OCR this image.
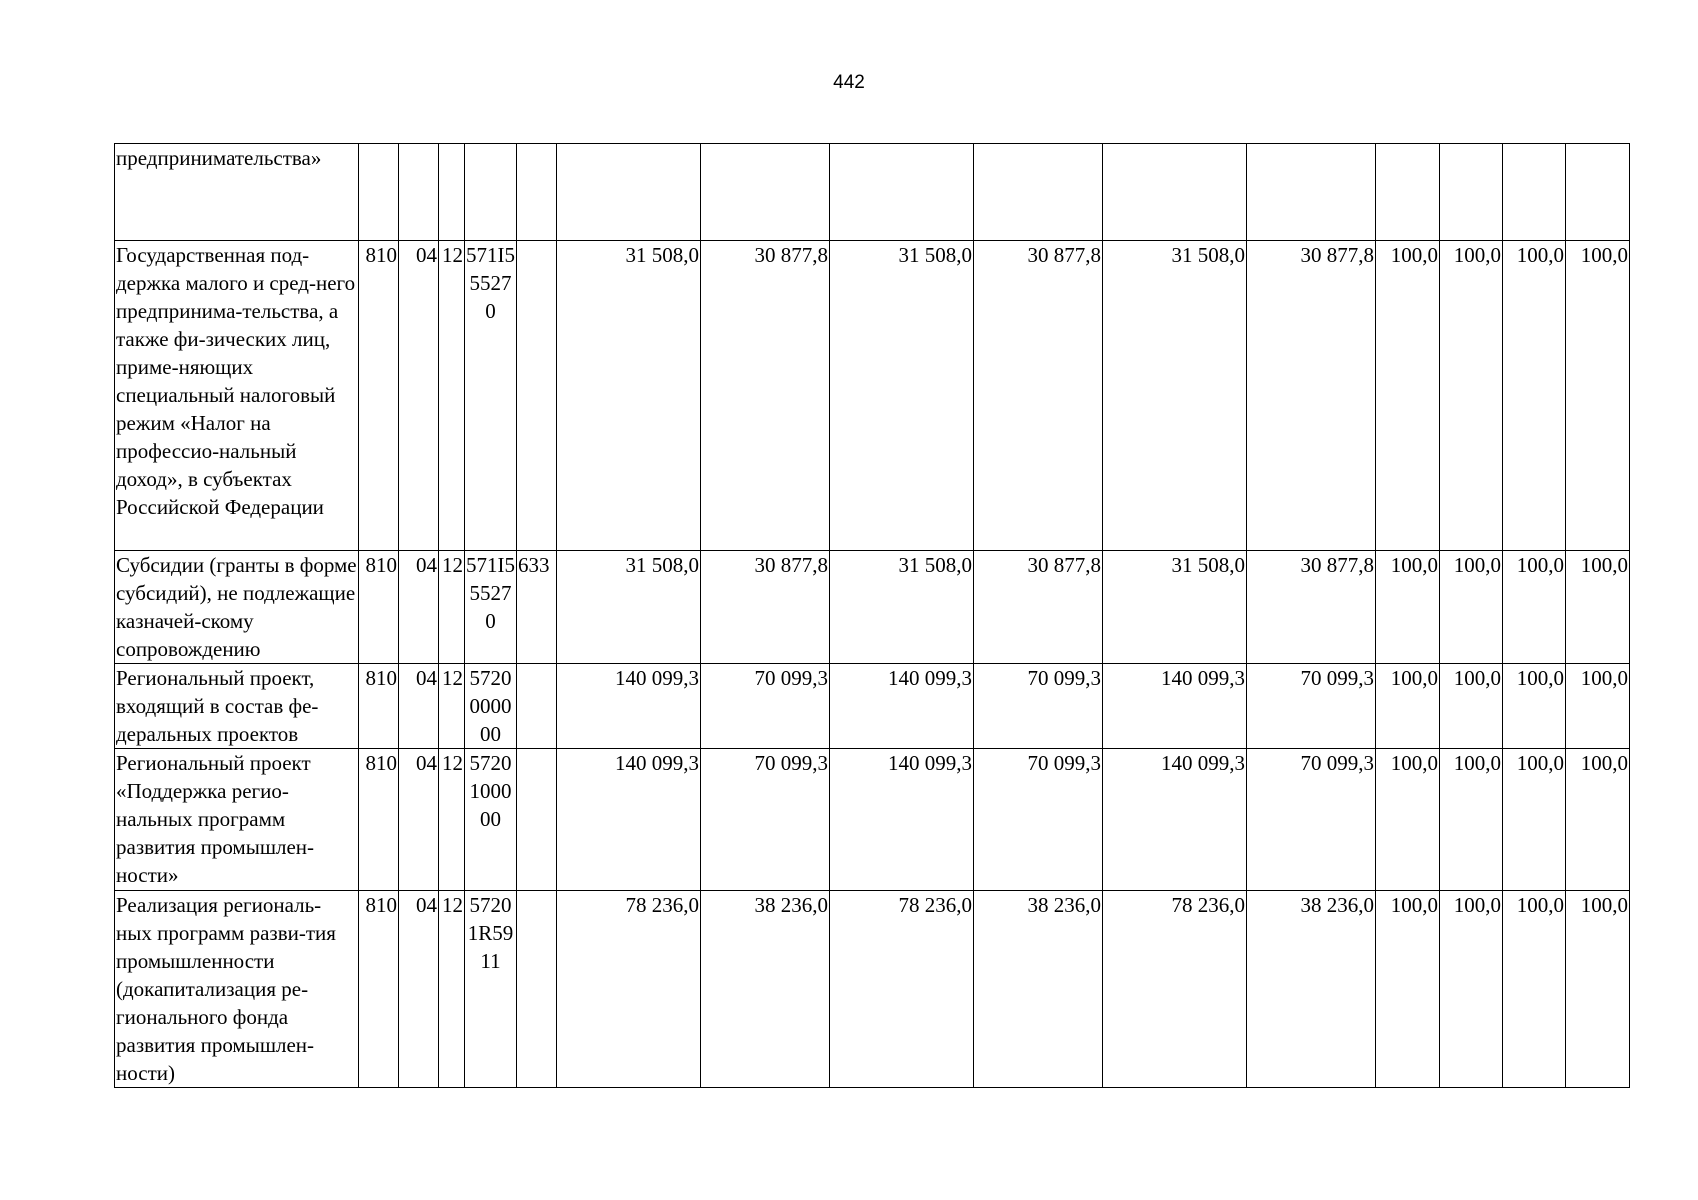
442
предпринимательства»															
Государственная под-держка малого и сред-него предпринима-тельства, а также фи-зических лиц, приме-няющих специальный налоговый режим «Налог на профессио-нальный доход», в субъектах Российской Федерации	810	04	12	571I555270		31 508,0	30 877,8	31 508,0	30 877,8	31 508,0	30 877,8	100,0	100,0	100,0	100,0
Субсидии (гранты в форме субсидий), не подлежащие казначей-скому сопровождению	810	04	12	571I555270	633	31 508,0	30 877,8	31 508,0	30 877,8	31 508,0	30 877,8	100,0	100,0	100,0	100,0
Региональный проект, входящий в состав фе-деральных проектов	810	04	12	5720000000		140 099,3	70 099,3	140 099,3	70 099,3	140 099,3	70 099,3	100,0	100,0	100,0	100,0
Региональный проект «Поддержка регио-нальных программ развития промышлен-ности»	810	04	12	5720100000		140 099,3	70 099,3	140 099,3	70 099,3	140 099,3	70 099,3	100,0	100,0	100,0	100,0
Реализация региональ-ных программ разви-тия промышленности (докапитализация ре-гионального фонда развития промышлен-ности)	810	04	12	57201R5911		78 236,0	38 236,0	78 236,0	38 236,0	78 236,0	38 236,0	100,0	100,0	100,0	100,0
